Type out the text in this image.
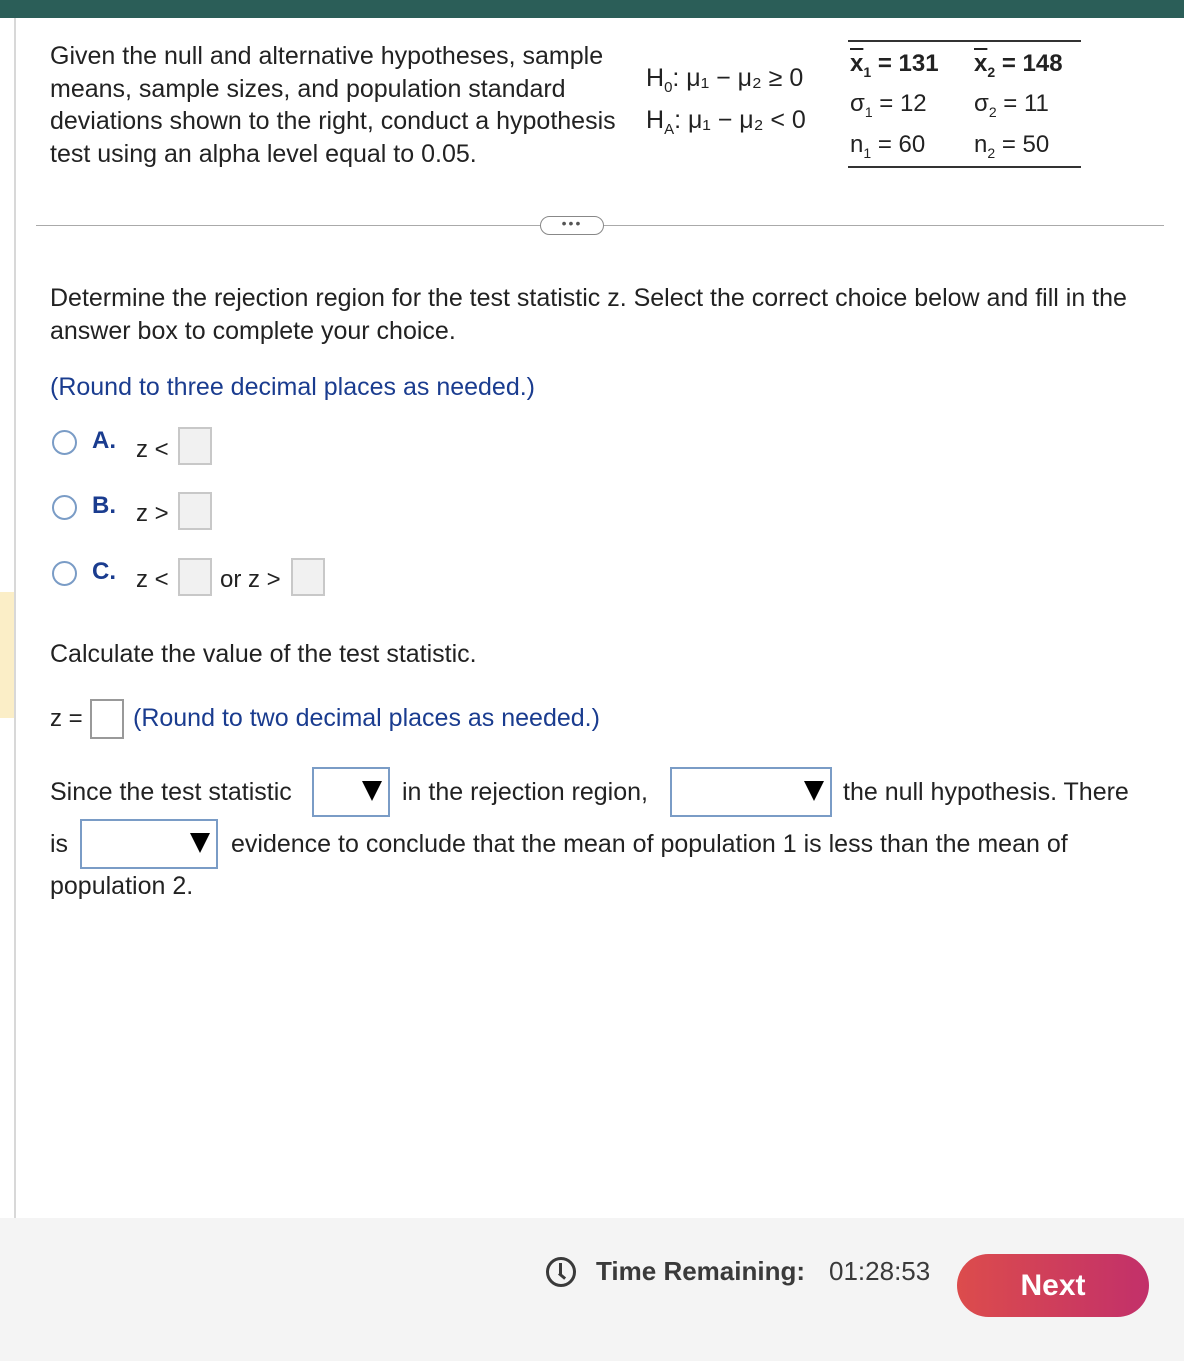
Given the null and alternative hypotheses, sample means, sample sizes, and population standard deviations shown to the right, conduct a hypothesis test using an alpha level equal to 0.05.

$H_0$: μ₁ − μ₂ ≥ 0
$H_A$: μ₁ − μ₂ < 0
$\overline{x}_1 = 131$ $\overline{x}_2 = 148$
$\sigma_1 = 12$ $\sigma_2 = 11$
$n_1 = 60$ $n_2 = 50$
•••

Determine the rejection region for the test statistic z. Select the correct choice below and fill in the answer box to complete your choice.

(Round to three decimal places as needed.)
A. z <
B. z >
C. z < or z >
Calculate the value of the test statistic.
z = (Round to two decimal places as needed.)
Since the test statistic	in the rejection region,	the null hypothesis. There
is	evidence to conclude that the mean of population 1 is less than the mean of
population 2.
Time Remaining: 01:28:53	Next
